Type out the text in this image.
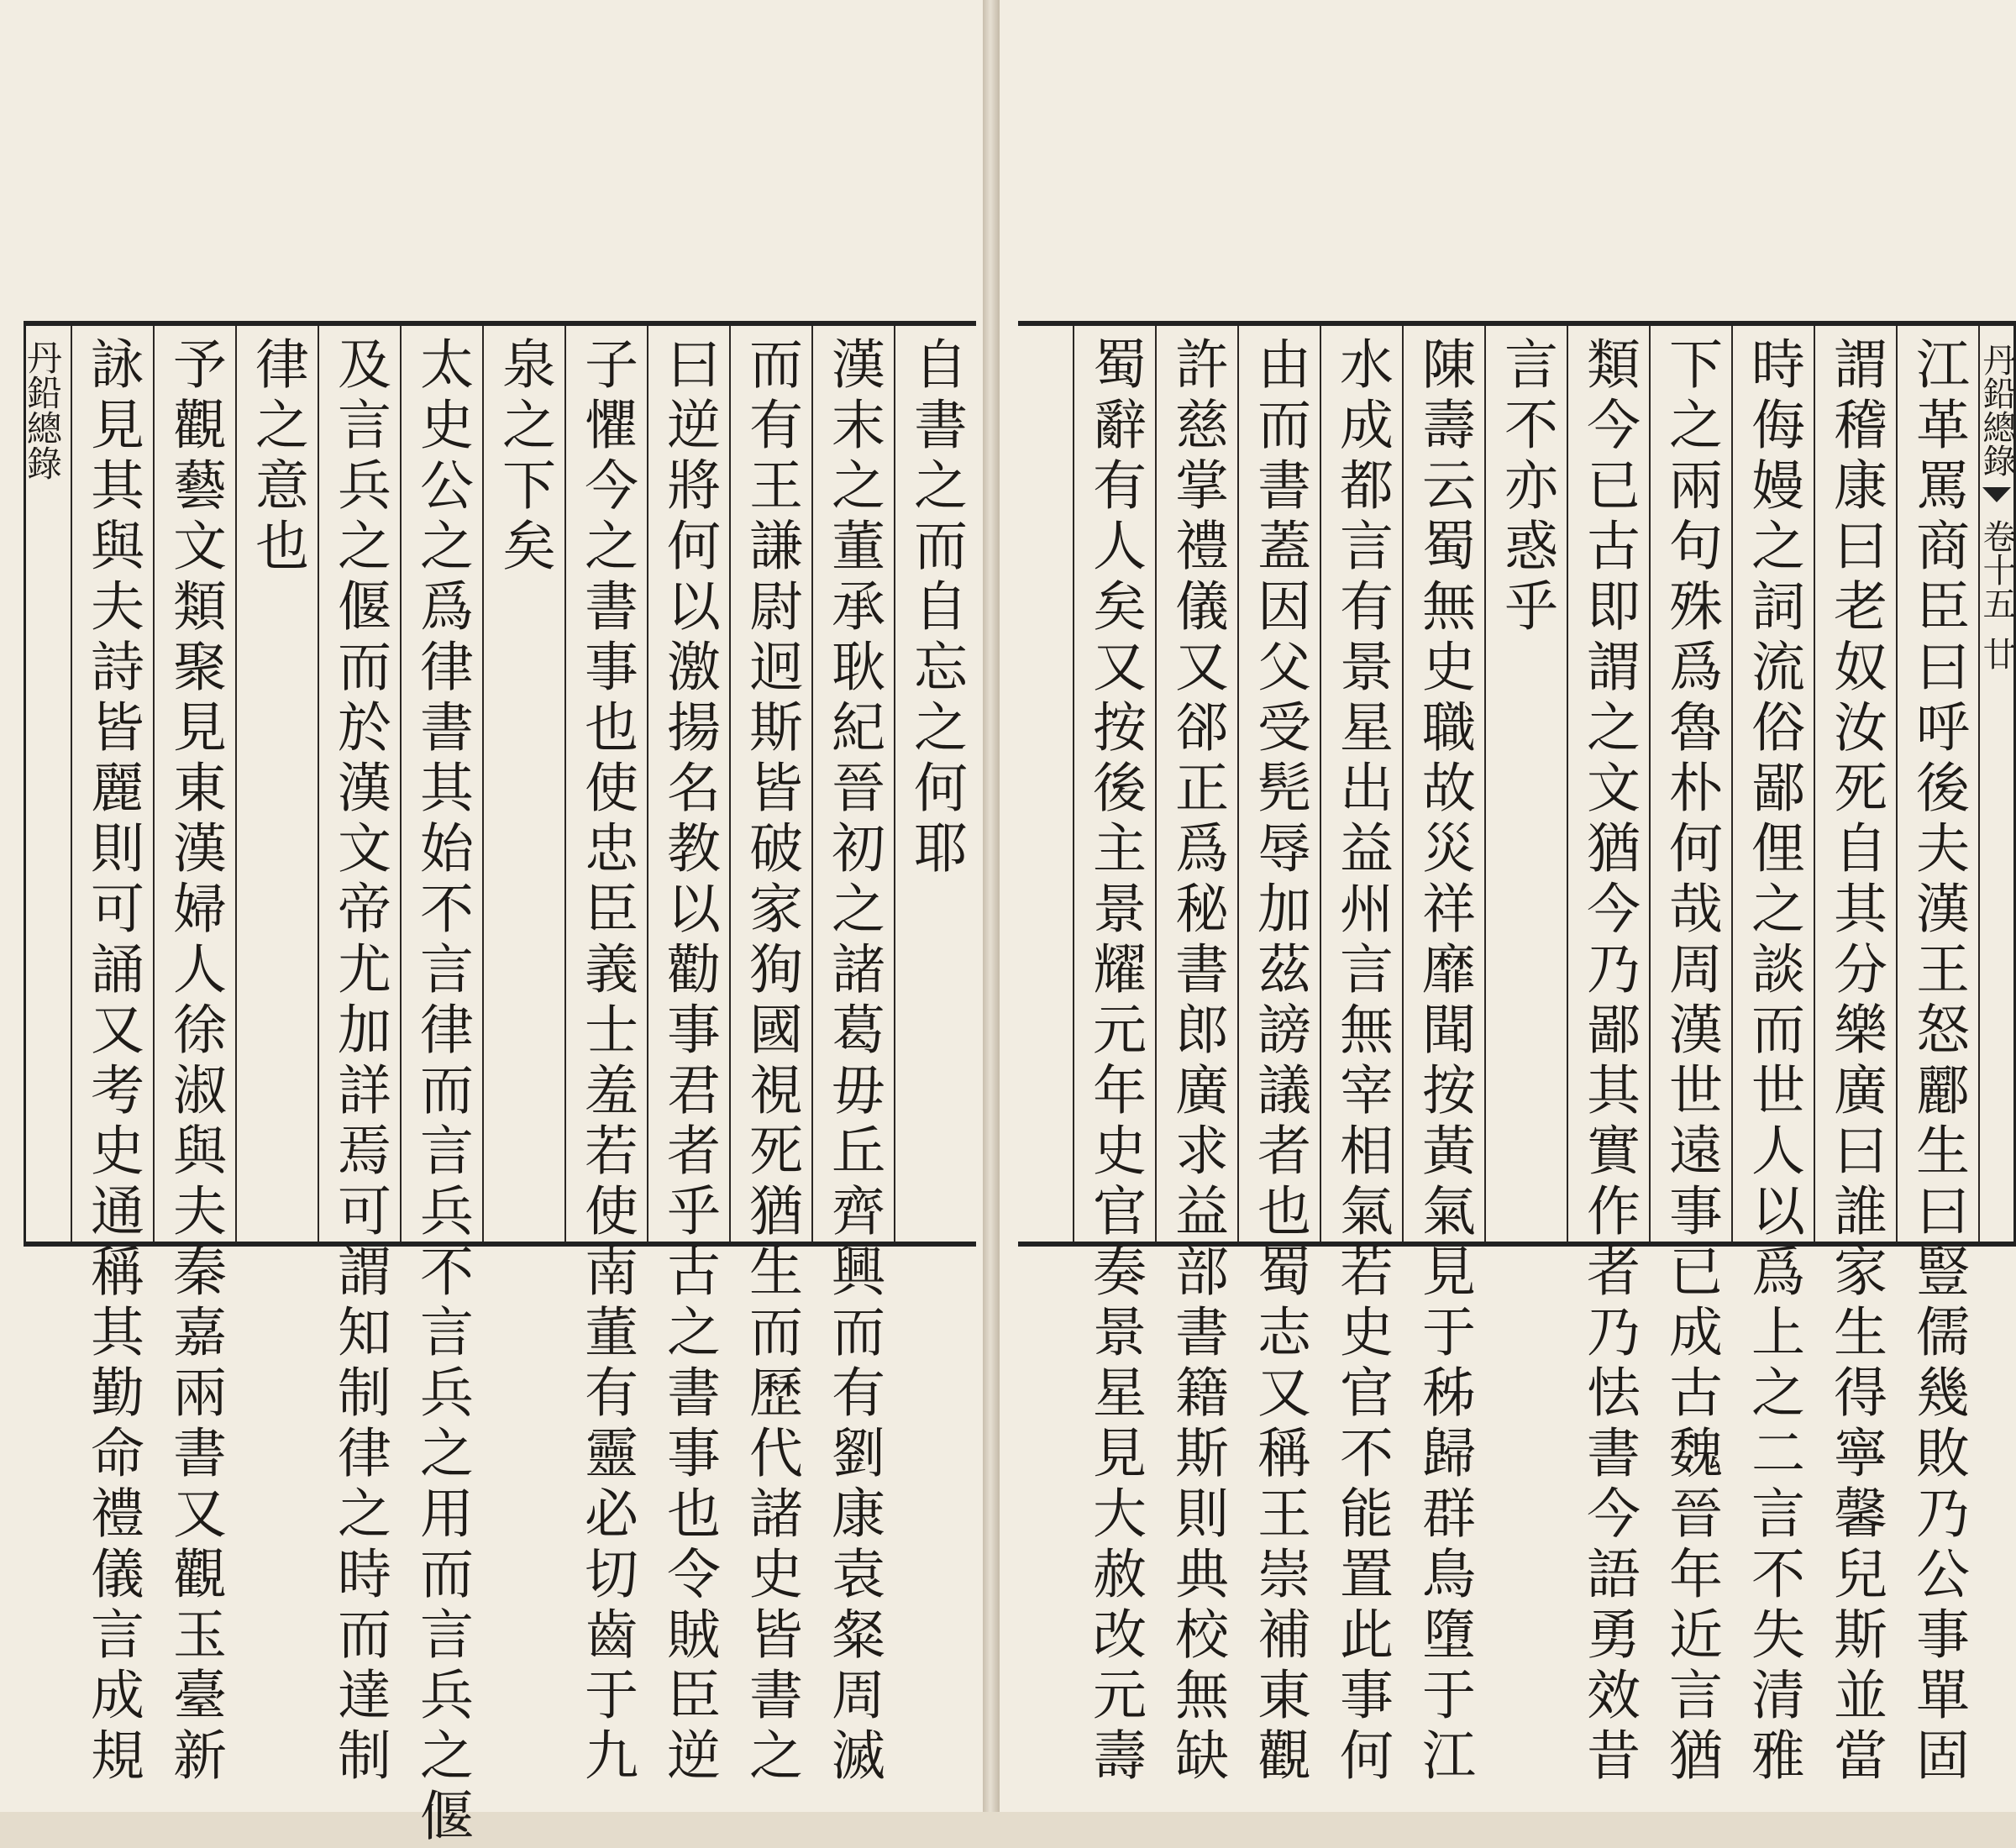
自書之而自忘之何耶
漢末之董承耿紀晉初之諸葛毋丘齊興而有劉康袁粲周滅
而有王謙尉迥斯皆破家狥國視死猶生而歷代諸史皆書之
曰逆將何以激揚名教以勸事君者乎古之書事也令賊臣逆
子懼今之書事也使忠臣義士羞若使南董有靈必切齒于九
泉之下矣
太史公之爲律書其始不言律而言兵不言兵之用而言兵之偃
及言兵之偃而於漢文帝尤加詳焉可謂知制律之時而達制
律之意也
予觀藝文類聚見東漢婦人徐淑與夫秦嘉兩書又觀玉臺新
詠見其與夫詩皆麗則可誦又考史通稱其勤命禮儀言成規
丹鉛總錄	丹鉛總錄
卷十五
廿
江革罵商臣曰呼後夫漢王怒酈生曰豎儒幾敗乃公事單固
謂稽康曰老奴汝死自其分樂廣曰誰家生得寧馨兒斯並當
時侮嫚之詞流俗鄙俚之談而世人以爲上之二言不失清雅
下之兩句殊爲魯朴何哉周漢世遠事已成古魏晉年近言猶
類今已古即謂之文猶今乃鄙其實作者乃怯書今語勇效昔
言不亦惑乎
陳壽云蜀無史職故災祥靡聞按黃氣見于秭歸群鳥墮于江
水成都言有景星出益州言無宰相氣若史官不能置此事何
由而書蓋因父受髡辱加茲謗議者也蜀志又稱王崇補東觀
許慈掌禮儀又郤正爲秘書郎廣求益部書籍斯則典校無缺
蜀辭有人矣又按後主景耀元年史官奏景星見大赦改元壽
